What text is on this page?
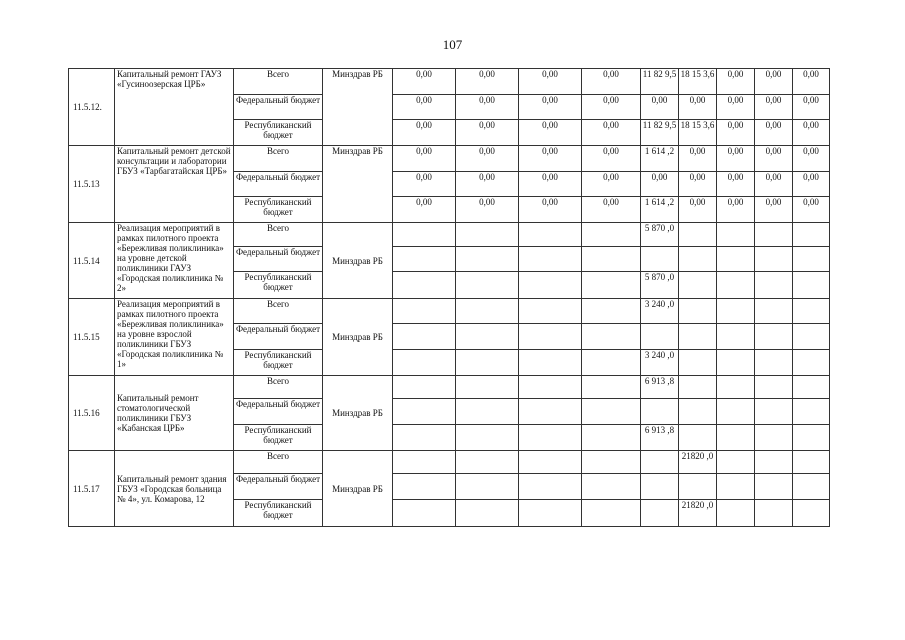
107
11.5.12.	Капитальный ремонт ГАУЗ «Гусиноозерская ЦРБ»	Всего	Минздрав РБ	0,00	0,00	0,00	0,00	11 82 9,5	18 15 3,6	0,00	0,00	0,00
		Федеральный бюджет		0,00	0,00	0,00	0,00	0,00	0,00	0,00	0,00	0,00
		Республиканский бюджет		0,00	0,00	0,00	0,00	11 82 9,5	18 15 3,6	0,00	0,00	0,00
11.5.13	Капитальный ремонт детской консультации и лаборатории ГБУЗ «Тарбагатайская ЦРБ»	Всего	Минздрав РБ	0,00	0,00	0,00	0,00	1 614 ,2	0,00	0,00	0,00	0,00
		Федеральный бюджет		0,00	0,00	0,00	0,00	0,00	0,00	0,00	0,00	0,00
		Республиканский бюджет		0,00	0,00	0,00	0,00	1 614 ,2	0,00	0,00	0,00	0,00
11.5.14	Реализация мероприятий в рамках пилотного проекта «Бережливая поликлиника» на уровне детской поликлиники ГАУЗ «Городская поликлиника № 2»	Всего	Минздрав РБ					5 870 ,0				
		Федеральный бюджет										
		Республиканский бюджет						5 870 ,0				
11.5.15	Реализация мероприятий в рамках пилотного проекта «Бережливая поликлиника» на уровне взрослой поликлиники ГБУЗ «Городская поликлиника № 1»	Всего	Минздрав РБ					3 240 ,0				
		Федеральный бюджет										
		Республиканский бюджет						3 240 ,0				
11.5.16	Капитальный ремонт стоматологической поликлиники ГБУЗ «Кабанская ЦРБ»	Всего	Минздрав РБ					6 913 ,8				
		Федеральный бюджет										
		Республиканский бюджет						6 913 ,8				
11.5.17	Капитальный ремонт здания ГБУЗ «Городская больница № 4», ул. Комарова, 12	Всего	Минздрав РБ						21820 ,0			
		Федеральный бюджет										
		Республиканский бюджет							21820 ,0			
